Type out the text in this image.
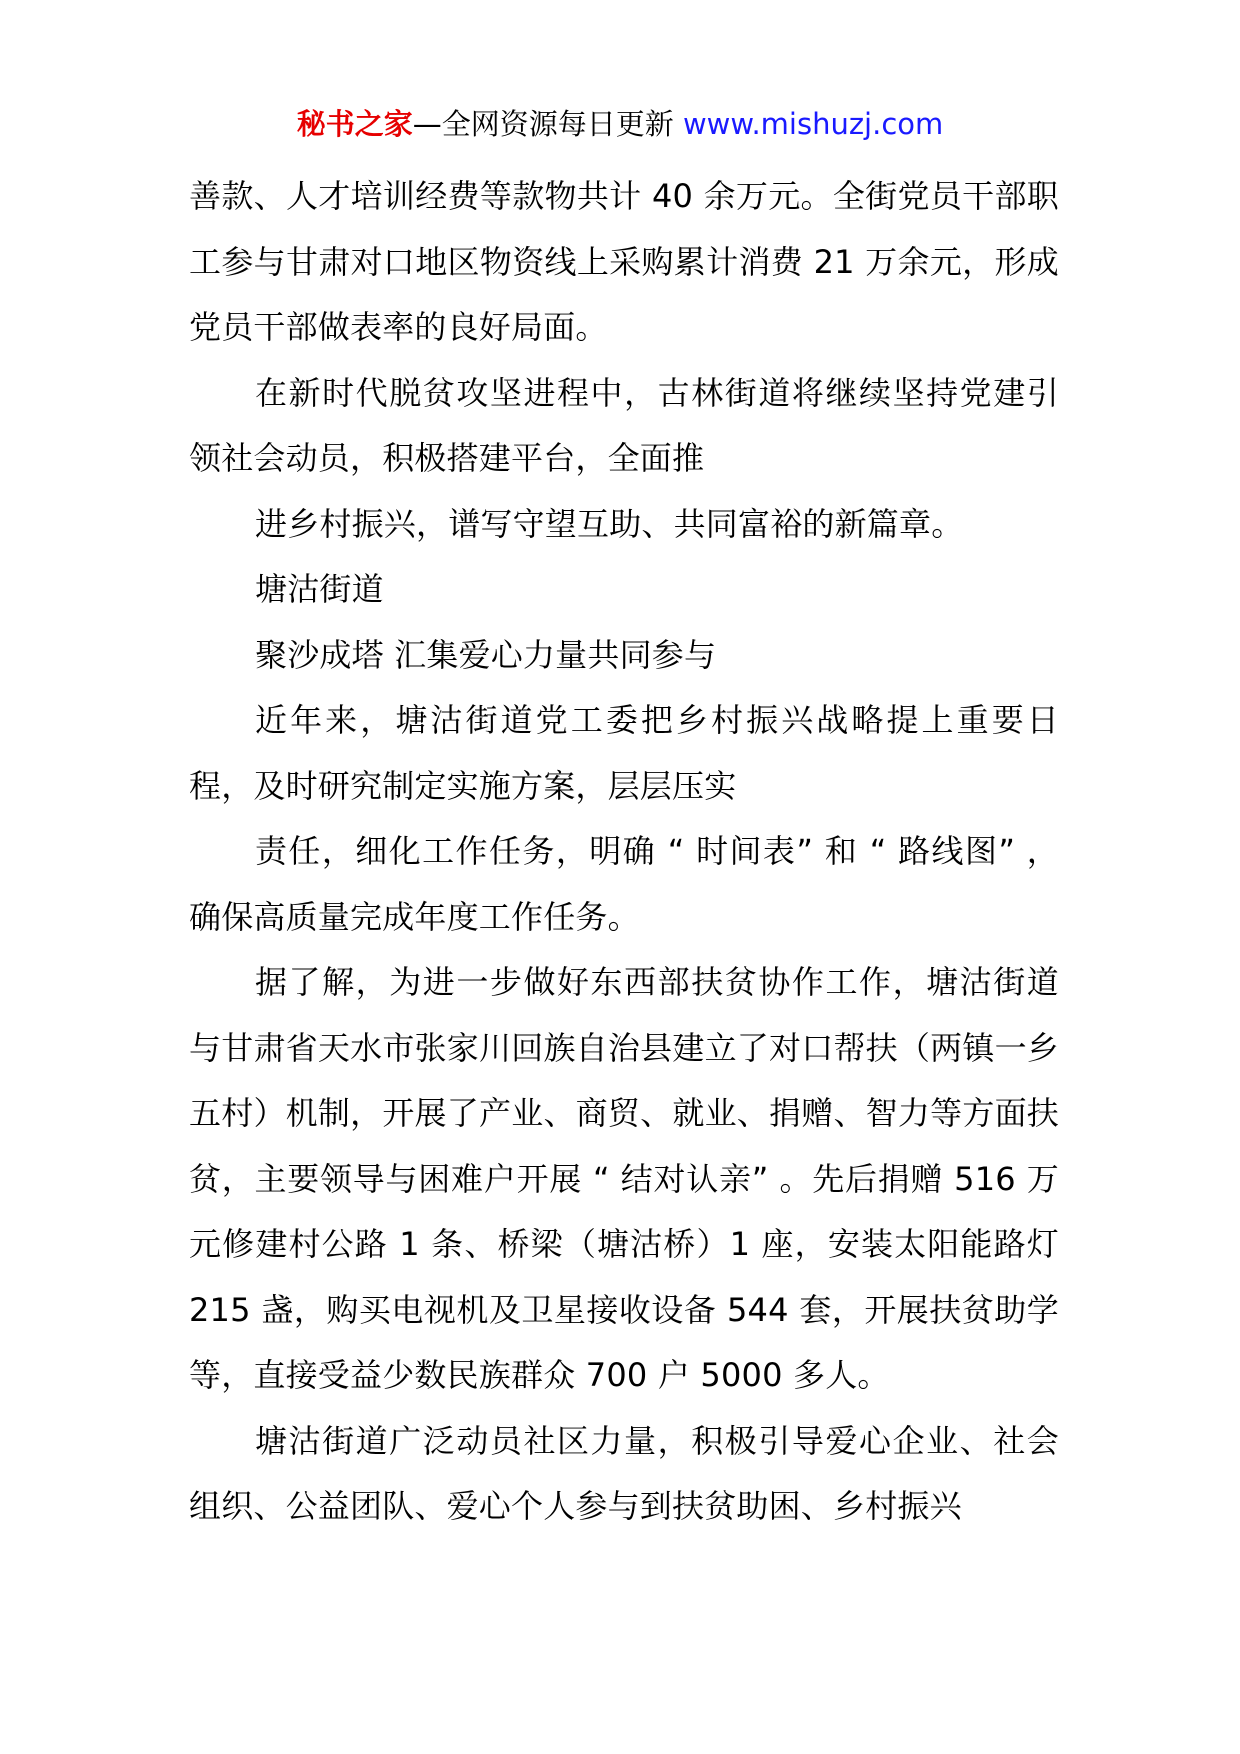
秘书之家—全网资源每日更新 www.mishuzj.com

善款、人才培训经费等款物共计 40 余万元。全街党员干部职工参与甘肃对口地区物资线上采购累计消费 21 万余元，形成党员干部做表率的良好局面。

在新时代脱贫攻坚进程中，古林街道将继续坚持党建引领社会动员，积极搭建平台，全面推

进乡村振兴，谱写守望互助、共同富裕的新篇章。

塘沽街道

聚沙成塔 汇集爱心力量共同参与

近年来，塘沽街道党工委把乡村振兴战略提上重要日程，及时研究制定实施方案，层层压实

责任，细化工作任务，明确 “ 时间表” 和 “ 路线图” ，确保高质量完成年度工作任务。

据了解，为进一步做好东西部扶贫协作工作，塘沽街道与甘肃省天水市张家川回族自治县建立了对口帮扶（两镇一乡五村）机制，开展了产业、商贸、就业、捐赠、智力等方面扶贫，主要领导与困难户开展 “ 结对认亲” 。先后捐赠 516 万元修建村公路 1 条、桥梁（塘沽桥）1 座，安装太阳能路灯 215 盏，购买电视机及卫星接收设备 544 套，开展扶贫助学等，直接受益少数民族群众 700 户 5000 多人。

塘沽街道广泛动员社区力量，积极引导爱心企业、社会组织、公益团队、爱心个人参与到扶贫助困、乡村振兴
